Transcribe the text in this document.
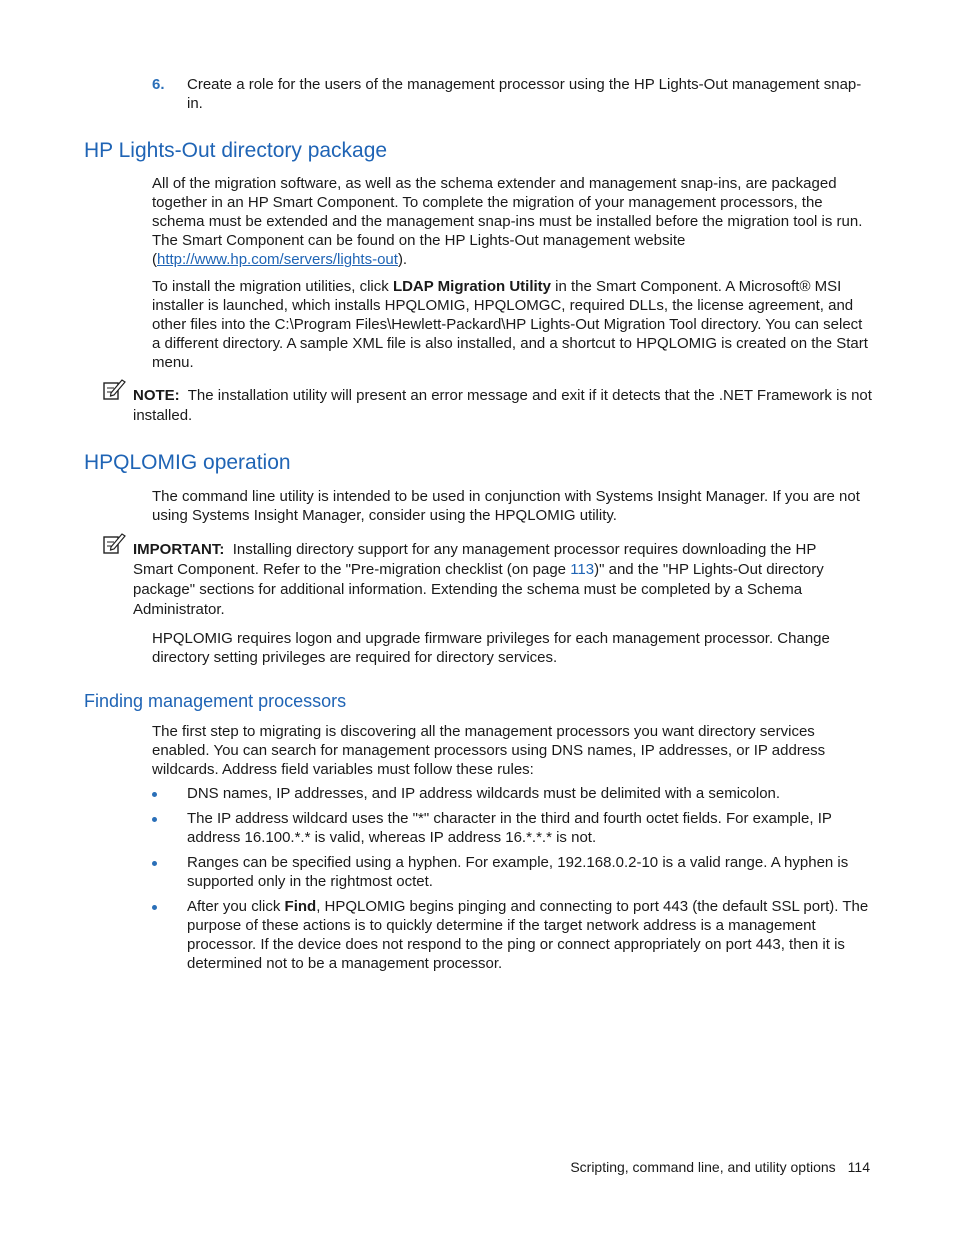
6. Create a role for the users of the management processor using the HP Lights-Out management snap-in.

HP Lights-Out directory package

All of the migration software, as well as the schema extender and management snap-ins, are packaged together in an HP Smart Component. To complete the migration of your management processors, the schema must be extended and the management snap-ins must be installed before the migration tool is run. The Smart Component can be found on the HP Lights-Out management website (http://www.hp.com/servers/lights-out).

To install the migration utilities, click LDAP Migration Utility in the Smart Component. A Microsoft® MSI installer is launched, which installs HPQLOMIG, HPQLOMGC, required DLLs, the license agreement, and other files into the C:\Program Files\Hewlett-Packard\HP Lights-Out Migration Tool directory. You can select a different directory. A sample XML file is also installed, and a shortcut to HPQLOMIG is created on the Start menu.

NOTE: The installation utility will present an error message and exit if it detects that the .NET Framework is not installed.

HPQLOMIG operation

The command line utility is intended to be used in conjunction with Systems Insight Manager. If you are not using Systems Insight Manager, consider using the HPQLOMIG utility.

IMPORTANT: Installing directory support for any management processor requires downloading the HP Smart Component. Refer to the "Pre-migration checklist (on page 113)" and the "HP Lights-Out directory package" sections for additional information. Extending the schema must be completed by a Schema Administrator.

HPQLOMIG requires logon and upgrade firmware privileges for each management processor. Change directory setting privileges are required for directory services.

Finding management processors

The first step to migrating is discovering all the management processors you want directory services enabled. You can search for management processors using DNS names, IP addresses, or IP address wildcards. Address field variables must follow these rules:

DNS names, IP addresses, and IP address wildcards must be delimited with a semicolon.
The IP address wildcard uses the "*" character in the third and fourth octet fields. For example, IP address 16.100.*.* is valid, whereas IP address 16.*.*.* is not.
Ranges can be specified using a hyphen. For example, 192.168.0.2-10 is a valid range. A hyphen is supported only in the rightmost octet.
After you click Find, HPQLOMIG begins pinging and connecting to port 443 (the default SSL port). The purpose of these actions is to quickly determine if the target network address is a management processor. If the device does not respond to the ping or connect appropriately on port 443, then it is determined not to be a management processor.
Scripting, command line, and utility options 114
